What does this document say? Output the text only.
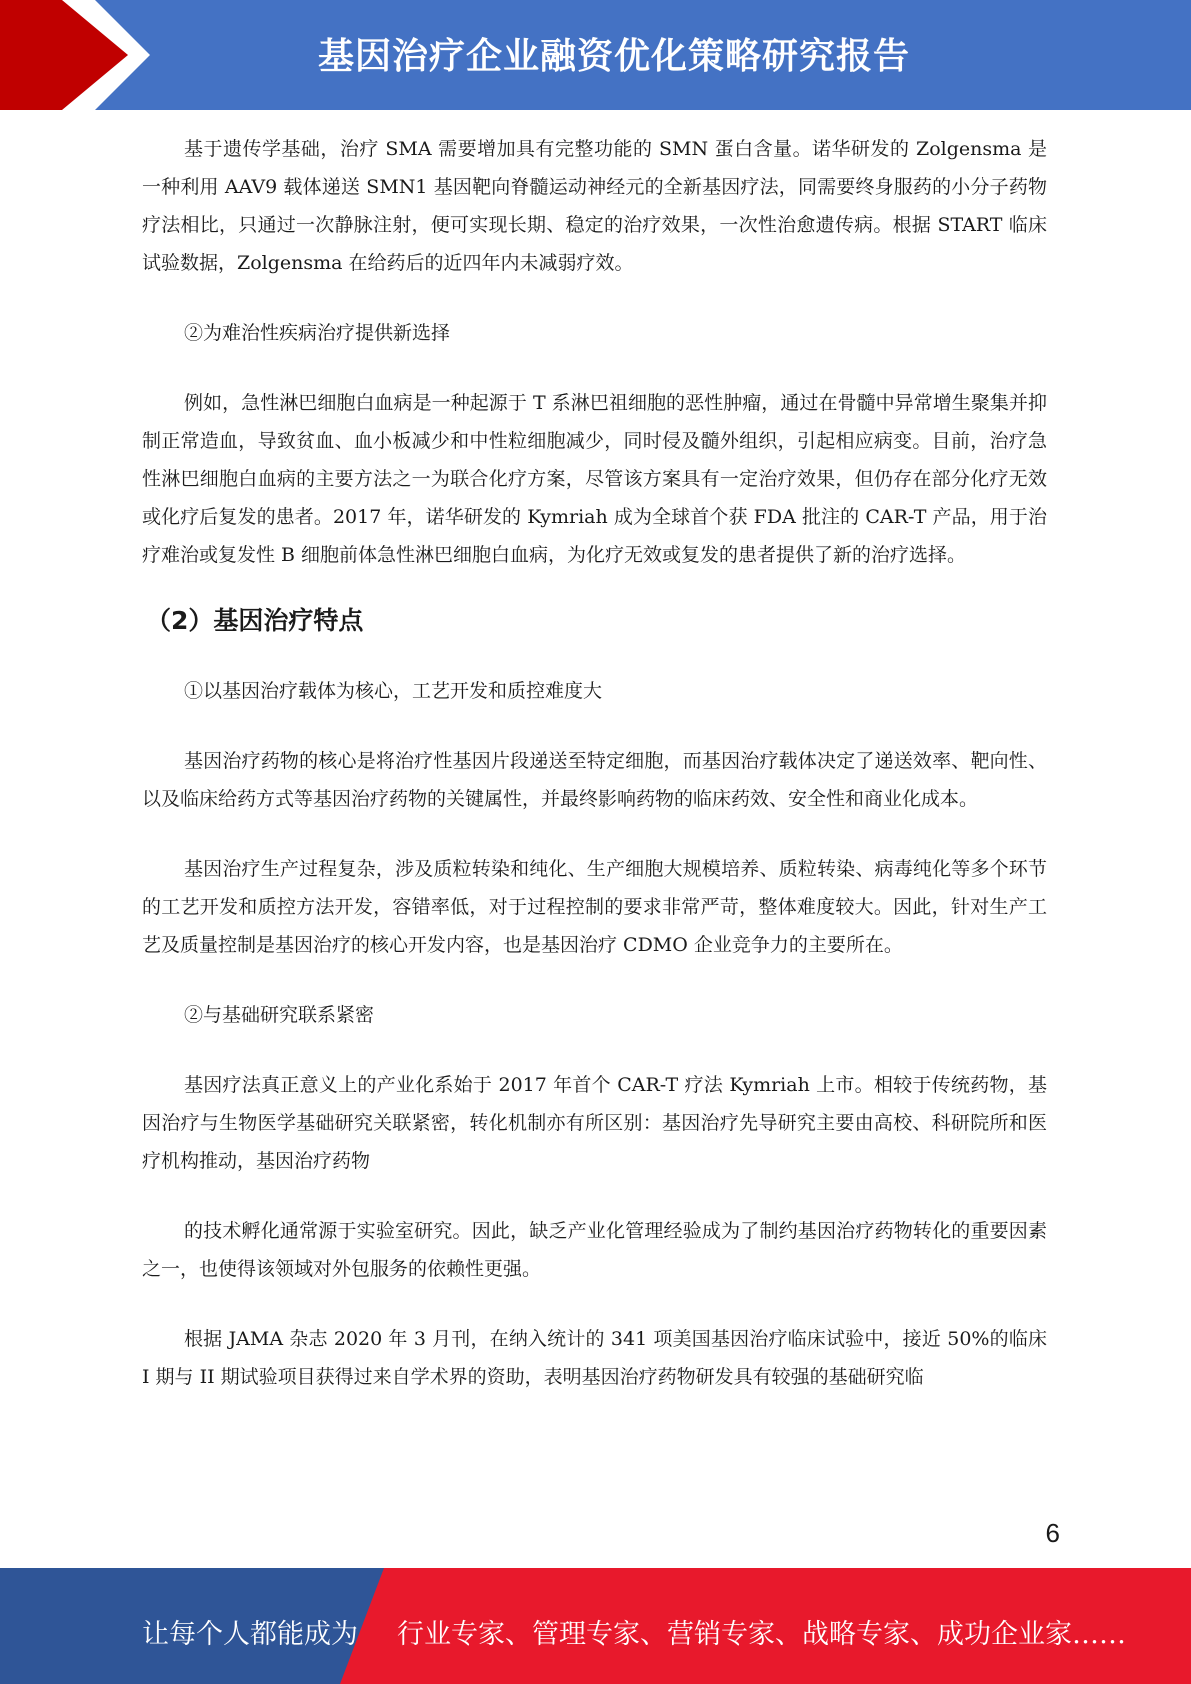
基因治疗企业融资优化策略研究报告

基于遗传学基础，治疗 SMA 需要增加具有完整功能的 SMN 蛋白含量。诺华研发的 Zolgensma 是一种利用 AAV9 载体递送 SMN1 基因靶向脊髓运动神经元的全新基因疗法，同需要终身服药的小分子药物疗法相比，只通过一次静脉注射，便可实现长期、稳定的治疗效果，一次性治愈遗传病。根据 START 临床试验数据，Zolgensma 在给药后的近四年内未减弱疗效。

②为难治性疾病治疗提供新选择

例如，急性淋巴细胞白血病是一种起源于 T 系淋巴祖细胞的恶性肿瘤，通过在骨髓中异常增生聚集并抑制正常造血，导致贫血、血小板减少和中性粒细胞减少，同时侵及髓外组织，引起相应病变。目前，治疗急性淋巴细胞白血病的主要方法之一为联合化疗方案，尽管该方案具有一定治疗效果，但仍存在部分化疗无效或化疗后复发的患者。2017 年，诺华研发的 Kymriah 成为全球首个获 FDA 批注的 CAR-T 产品，用于治疗难治或复发性 B 细胞前体急性淋巴细胞白血病，为化疗无效或复发的患者提供了新的治疗选择。

（2）基因治疗特点

①以基因治疗载体为核心，工艺开发和质控难度大

基因治疗药物的核心是将治疗性基因片段递送至特定细胞，而基因治疗载体决定了递送效率、靶向性、以及临床给药方式等基因治疗药物的关键属性，并最终影响药物的临床药效、安全性和商业化成本。

基因治疗生产过程复杂，涉及质粒转染和纯化、生产细胞大规模培养、质粒转染、病毒纯化等多个环节的工艺开发和质控方法开发，容错率低，对于过程控制的要求非常严苛，整体难度较大。因此，针对生产工艺及质量控制是基因治疗的核心开发内容，也是基因治疗 CDMO 企业竞争力的主要所在。

②与基础研究联系紧密

基因疗法真正意义上的产业化系始于 2017 年首个 CAR-T 疗法 Kymriah 上市。相较于传统药物，基因治疗与生物医学基础研究关联紧密，转化机制亦有所区别：基因治疗先导研究主要由高校、科研院所和医疗机构推动，基因治疗药物

的技术孵化通常源于实验室研究。因此，缺乏产业化管理经验成为了制约基因治疗药物转化的重要因素之一，也使得该领域对外包服务的依赖性更强。

根据 JAMA 杂志 2020 年 3 月刊，在纳入统计的 341 项美国基因治疗临床试验中，接近 50%的临床 I 期与 II 期试验项目获得过来自学术界的资助，表明基因治疗药物研发具有较强的基础研究临

6
让每个人都能成为 行业专家、管理专家、营销专家、战略专家、成功企业家……
